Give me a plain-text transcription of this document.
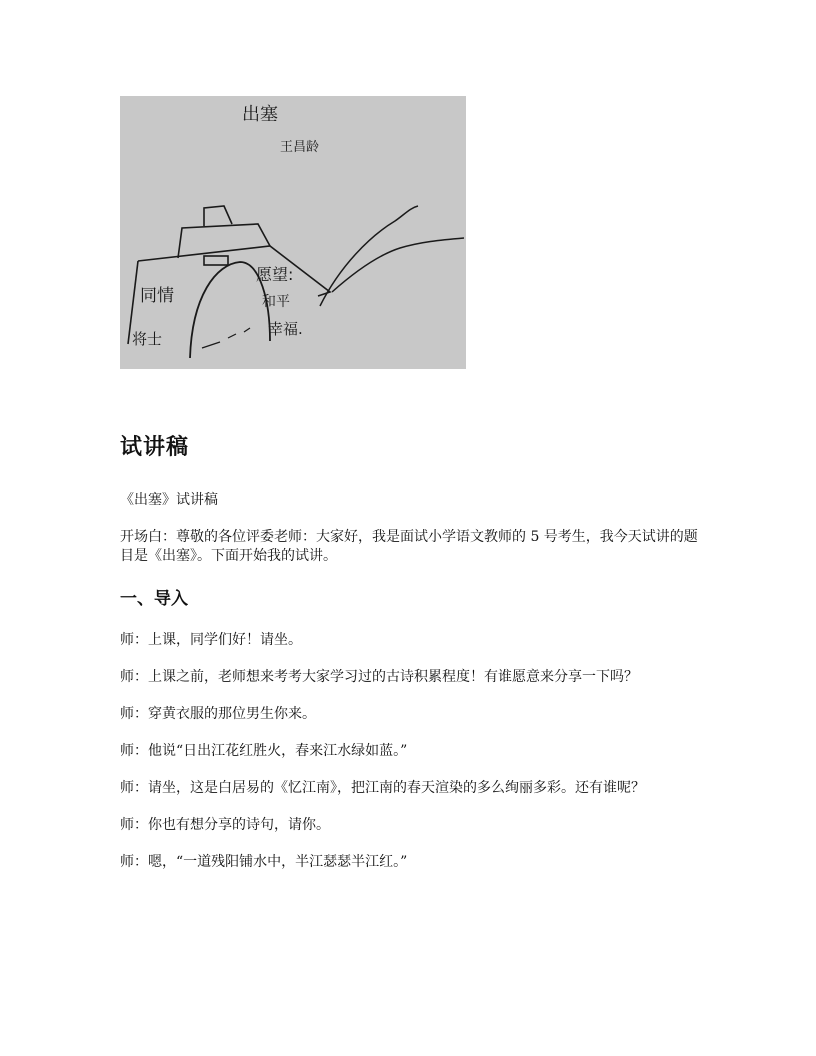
出塞
王昌龄
同情
将士
愿望:
和平
幸福.
试讲稿

《出塞》试讲稿

开场白：尊敬的各位评委老师：大家好，我是面试小学语文教师的 5 号考生，我今天试讲的题目是《出塞》。下面开始我的试讲。

一、导入

师：上课，同学们好！请坐。

师：上课之前，老师想来考考大家学习过的古诗积累程度！有谁愿意来分享一下吗？

师：穿黄衣服的那位男生你来。

师：他说“日出江花红胜火，春来江水绿如蓝。”

师：请坐，这是白居易的《忆江南》，把江南的春天渲染的多么绚丽多彩。还有谁呢？

师：你也有想分享的诗句，请你。

师：嗯，“一道残阳铺水中，半江瑟瑟半江红。”
